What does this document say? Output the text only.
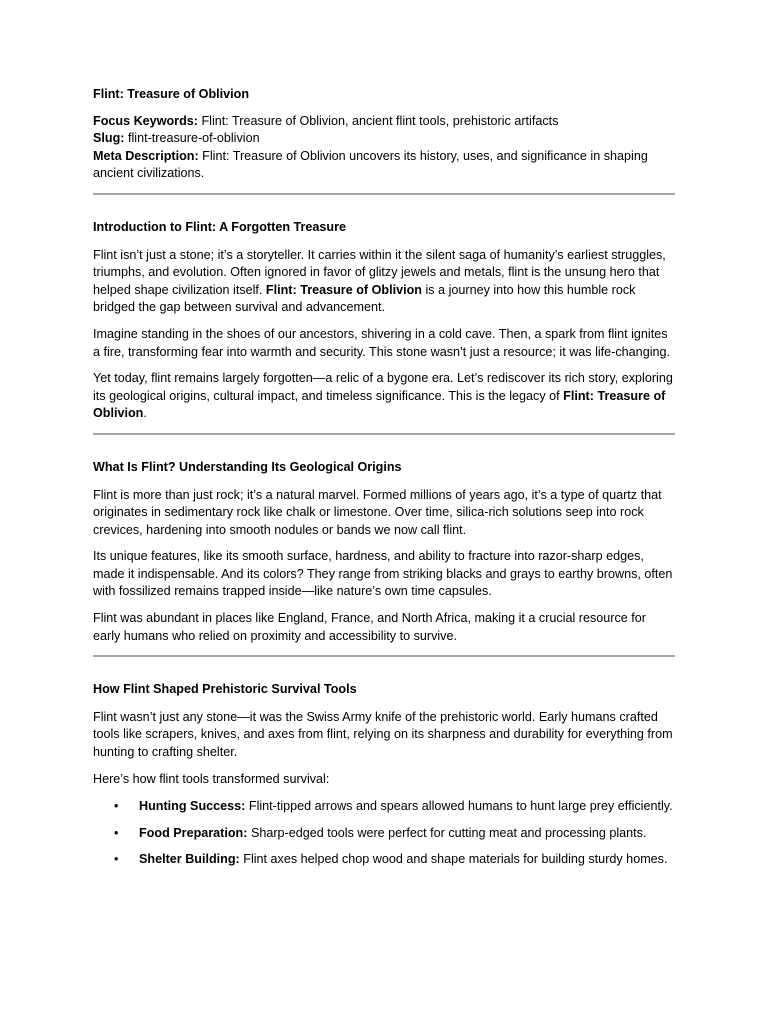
Flint: Treasure of Oblivion

Focus Keywords: Flint: Treasure of Oblivion, ancient flint tools, prehistoric artifacts

Slug: flint-treasure-of-oblivion

Meta Description: Flint: Treasure of Oblivion uncovers its history, uses, and significance in shaping ancient civilizations.

Introduction to Flint: A Forgotten Treasure

Flint isn’t just a stone; it’s a storyteller. It carries within it the silent saga of humanity’s earliest struggles, triumphs, and evolution. Often ignored in favor of glitzy jewels and metals, flint is the unsung hero that helped shape civilization itself. Flint: Treasure of Oblivion is a journey into how this humble rock bridged the gap between survival and advancement.

Imagine standing in the shoes of our ancestors, shivering in a cold cave. Then, a spark from flint ignites a fire, transforming fear into warmth and security. This stone wasn’t just a resource; it was life-changing.

Yet today, flint remains largely forgotten—a relic of a bygone era. Let’s rediscover its rich story, exploring its geological origins, cultural impact, and timeless significance. This is the legacy of Flint: Treasure of Oblivion.

What Is Flint? Understanding Its Geological Origins

Flint is more than just rock; it’s a natural marvel. Formed millions of years ago, it’s a type of quartz that originates in sedimentary rock like chalk or limestone. Over time, silica-rich solutions seep into rock crevices, hardening into smooth nodules or bands we now call flint.

Its unique features, like its smooth surface, hardness, and ability to fracture into razor-sharp edges, made it indispensable. And its colors? They range from striking blacks and grays to earthy browns, often with fossilized remains trapped inside—like nature’s own time capsules.

Flint was abundant in places like England, France, and North Africa, making it a crucial resource for early humans who relied on proximity and accessibility to survive.

How Flint Shaped Prehistoric Survival Tools

Flint wasn’t just any stone—it was the Swiss Army knife of the prehistoric world. Early humans crafted tools like scrapers, knives, and axes from flint, relying on its sharpness and durability for everything from hunting to crafting shelter.

Here’s how flint tools transformed survival:

• Hunting Success: Flint-tipped arrows and spears allowed humans to hunt large prey efficiently.
• Food Preparation: Sharp-edged tools were perfect for cutting meat and processing plants.
• Shelter Building: Flint axes helped chop wood and shape materials for building sturdy homes.
